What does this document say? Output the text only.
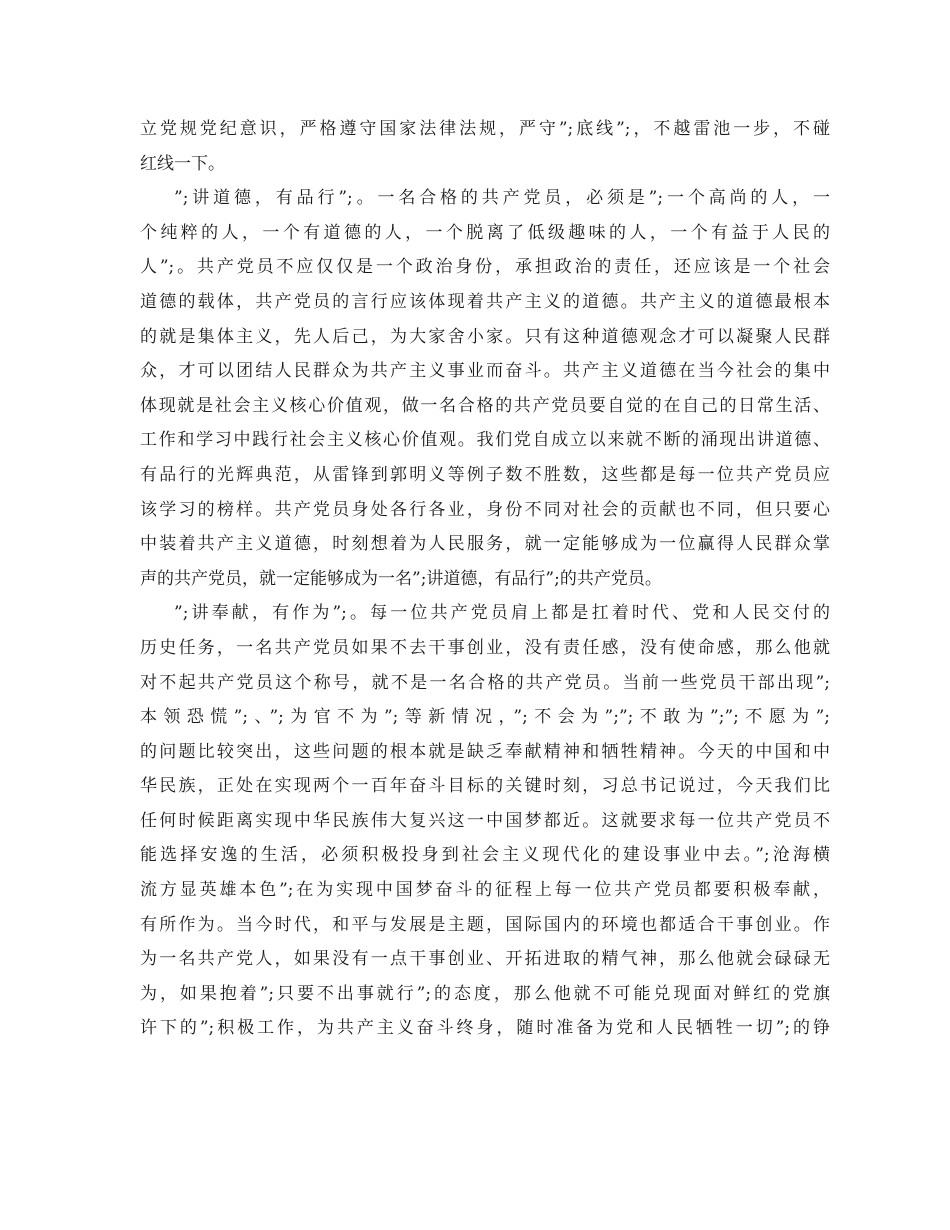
立党规党纪意识，严格遵守国家法律法规，严守”;底线”;，不越雷池一步，不碰
红线一下。
”;讲道德，有品行”;。一名合格的共产党员，必须是”;一个高尚的人，一
个纯粹的人，一个有道德的人，一个脱离了低级趣味的人，一个有益于人民的
人”;。共产党员不应仅仅是一个政治身份，承担政治的责任，还应该是一个社会
道德的载体，共产党员的言行应该体现着共产主义的道德。共产主义的道德最根本
的就是集体主义，先人后己，为大家舍小家。只有这种道德观念才可以凝聚人民群
众，才可以团结人民群众为共产主义事业而奋斗。共产主义道德在当今社会的集中
体现就是社会主义核心价值观，做一名合格的共产党员要自觉的在自己的日常生活、
工作和学习中践行社会主义核心价值观。我们党自成立以来就不断的涌现出讲道德、
有品行的光辉典范，从雷锋到郭明义等例子数不胜数，这些都是每一位共产党员应
该学习的榜样。共产党员身处各行各业，身份不同对社会的贡献也不同，但只要心
中装着共产主义道德，时刻想着为人民服务，就一定能够成为一位赢得人民群众掌
声的共产党员，就一定能够成为一名”;讲道德，有品行”;的共产党员。
”;讲奉献，有作为”;。每一位共产党员肩上都是扛着时代、党和人民交付的
历史任务，一名共产党员如果不去干事创业，没有责任感，没有使命感，那么他就
对不起共产党员这个称号，就不是一名合格的共产党员。当前一些党员干部出现”;
本领恐慌”;、”;为官不为”;等新情况，”;不会为”;”;不敢为”;”;不愿为”;
的问题比较突出，这些问题的根本就是缺乏奉献精神和牺牲精神。今天的中国和中
华民族，正处在实现两个一百年奋斗目标的关键时刻，习总书记说过，今天我们比
任何时候距离实现中华民族伟大复兴这一中国梦都近。这就要求每一位共产党员不
能选择安逸的生活，必须积极投身到社会主义现代化的建设事业中去。”;沧海横
流方显英雄本色”;在为实现中国梦奋斗的征程上每一位共产党员都要积极奉献，
有所作为。当今时代，和平与发展是主题，国际国内的环境也都适合干事创业。作
为一名共产党人，如果没有一点干事创业、开拓进取的精气神，那么他就会碌碌无
为，如果抱着”;只要不出事就行”;的态度，那么他就不可能兑现面对鲜红的党旗
许下的”;积极工作，为共产主义奋斗终身，随时准备为党和人民牺牲一切”;的铮
